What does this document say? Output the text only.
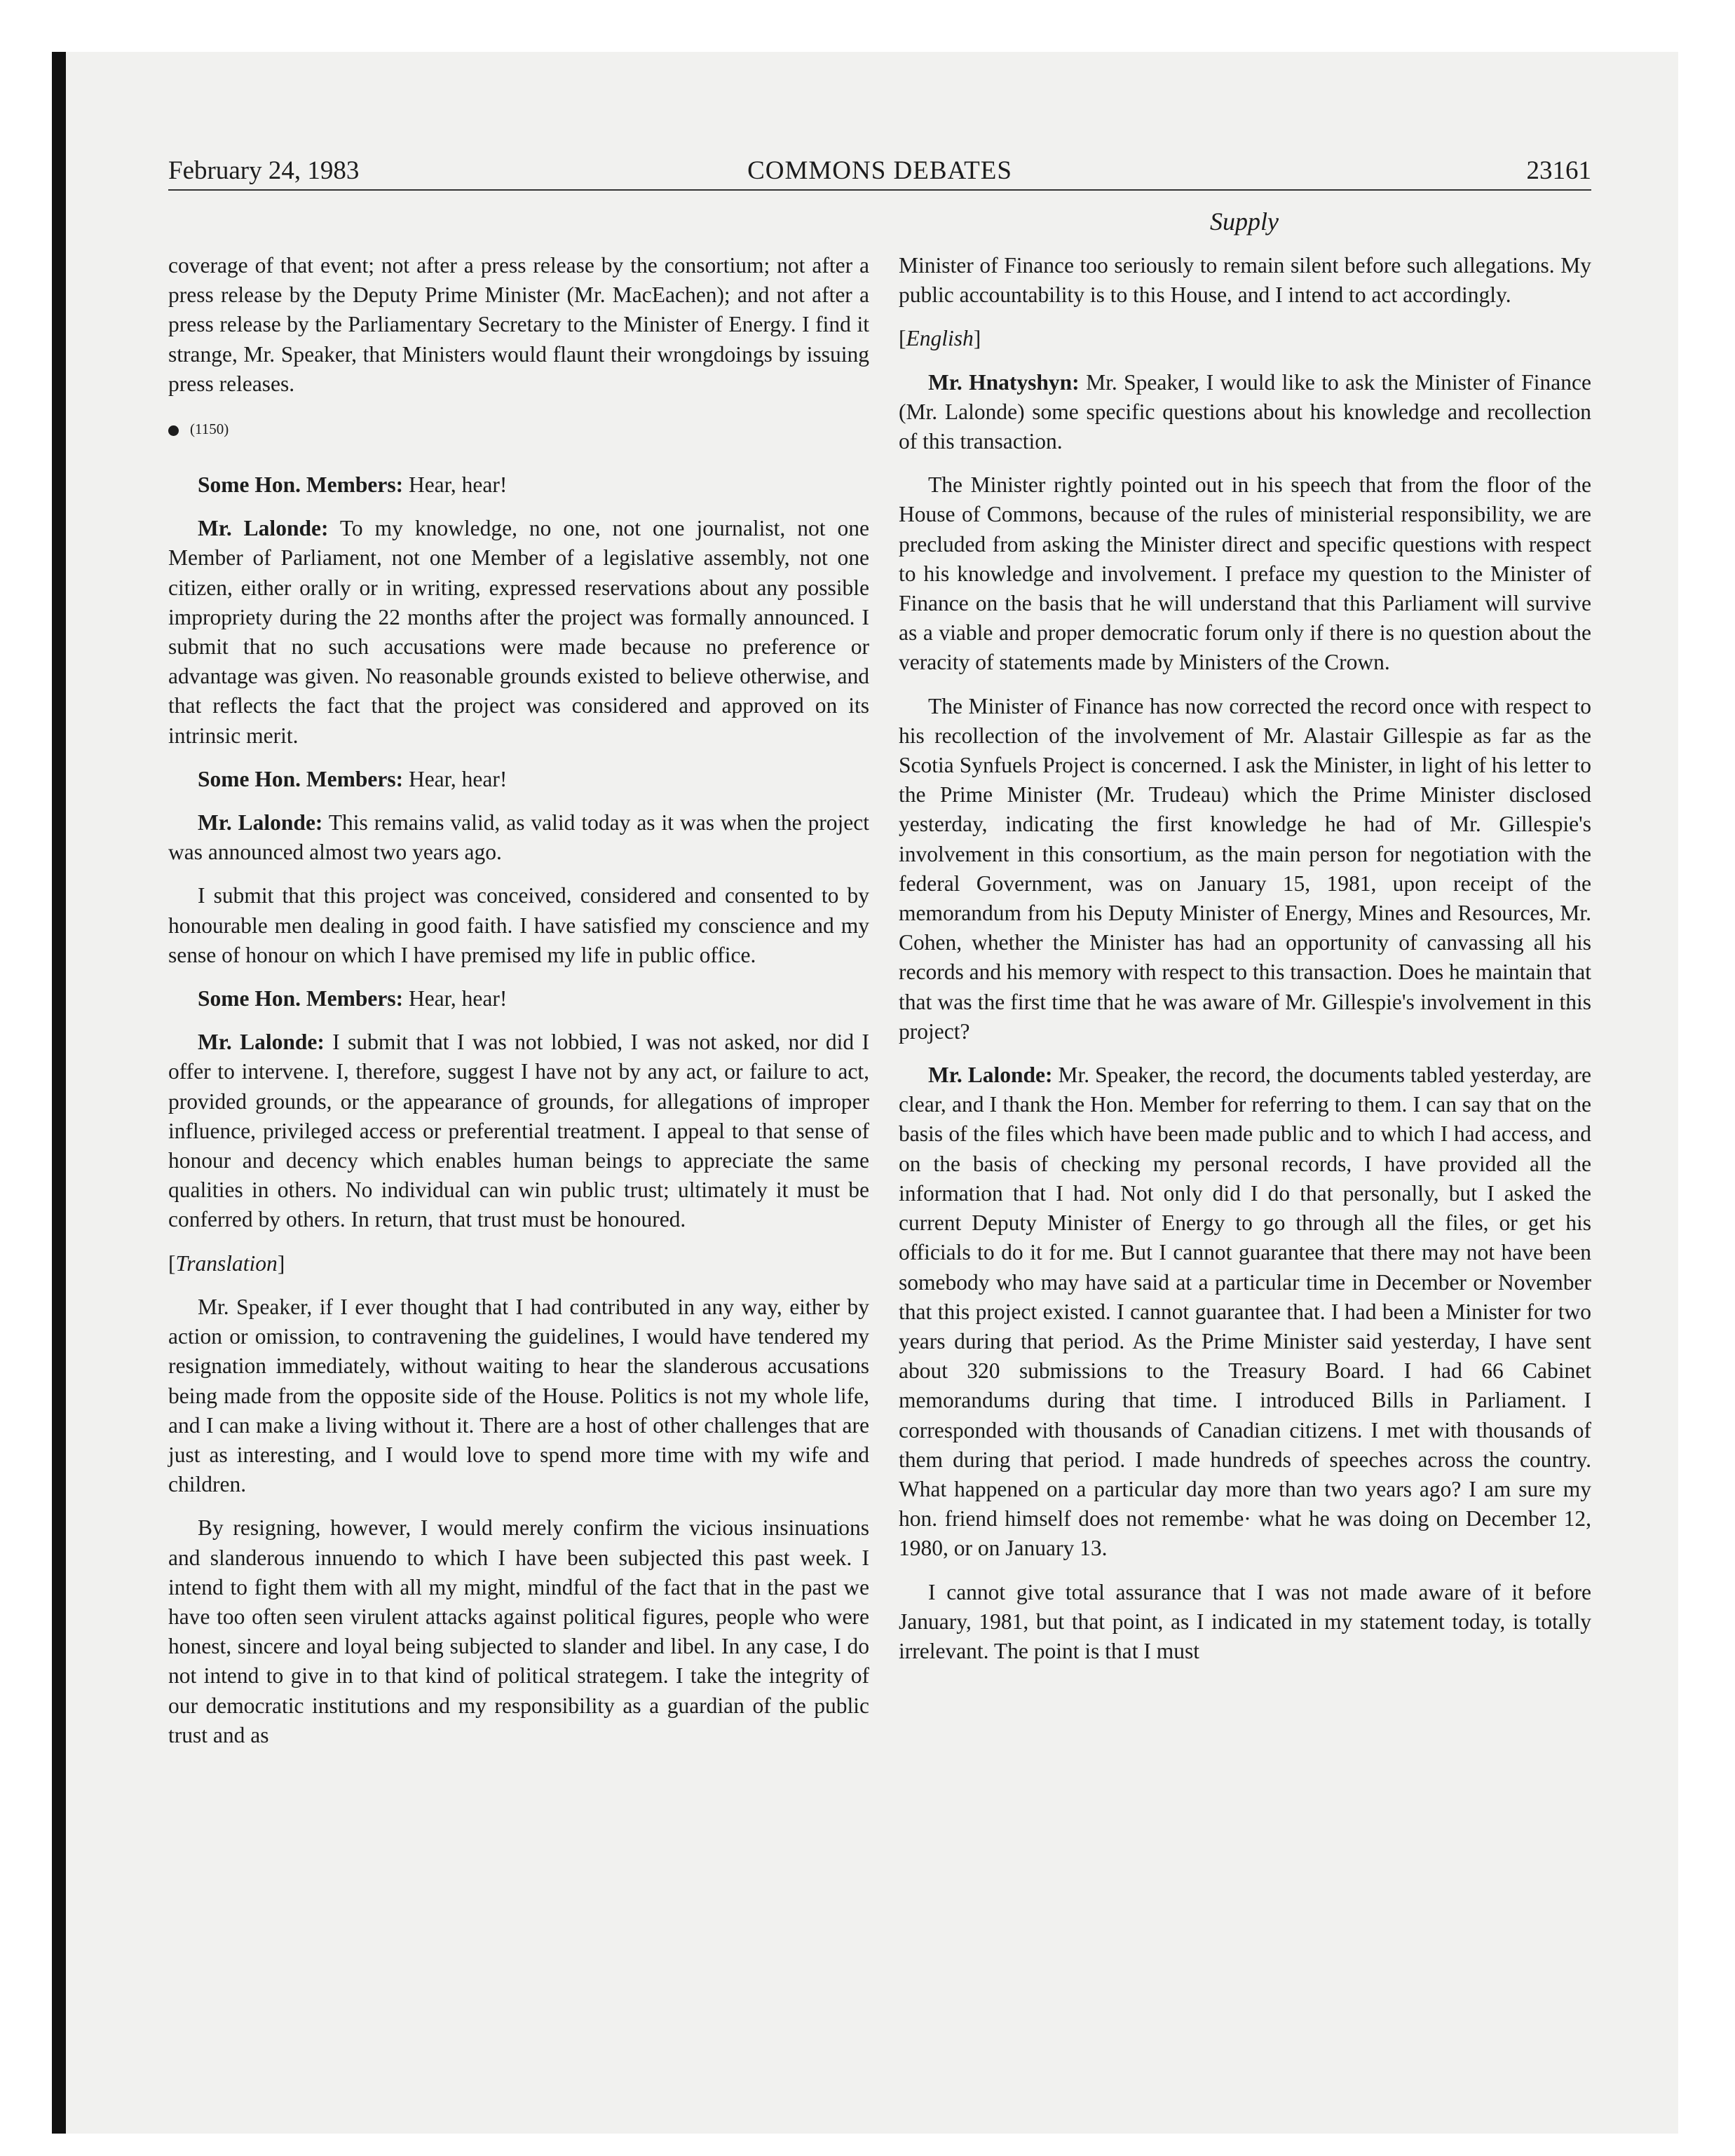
February 24, 1983	COMMONS DEBATES	23161
Supply

coverage of that event; not after a press release by the consortium; not after a press release by the Deputy Prime Minister (Mr. MacEachen); and not after a press release by the Parliamentary Secretary to the Minister of Energy. I find it strange, Mr. Speaker, that Ministers would flaunt their wrongdoings by issuing press releases.

(1150)

Some Hon. Members: Hear, hear!

Mr. Lalonde: To my knowledge, no one, not one journalist, not one Member of Parliament, not one Member of a legislative assembly, not one citizen, either orally or in writing, expressed reservations about any possible impropriety during the 22 months after the project was formally announced. I submit that no such accusations were made because no preference or advantage was given. No reasonable grounds existed to believe otherwise, and that reflects the fact that the project was considered and approved on its intrinsic merit.

Some Hon. Members: Hear, hear!

Mr. Lalonde: This remains valid, as valid today as it was when the project was announced almost two years ago.

I submit that this project was conceived, considered and consented to by honourable men dealing in good faith. I have satisfied my conscience and my sense of honour on which I have premised my life in public office.

Some Hon. Members: Hear, hear!

Mr. Lalonde: I submit that I was not lobbied, I was not asked, nor did I offer to intervene. I, therefore, suggest I have not by any act, or failure to act, provided grounds, or the appearance of grounds, for allegations of improper influence, privileged access or preferential treatment. I appeal to that sense of honour and decency which enables human beings to appreciate the same qualities in others. No individual can win public trust; ultimately it must be conferred by others. In return, that trust must be honoured.

[Translation]

Mr. Speaker, if I ever thought that I had contributed in any way, either by action or omission, to contravening the guidelines, I would have tendered my resignation immediately, without waiting to hear the slanderous accusations being made from the opposite side of the House. Politics is not my whole life, and I can make a living without it. There are a host of other challenges that are just as interesting, and I would love to spend more time with my wife and children.

By resigning, however, I would merely confirm the vicious insinuations and slanderous innuendo to which I have been subjected this past week. I intend to fight them with all my might, mindful of the fact that in the past we have too often seen virulent attacks against political figures, people who were honest, sincere and loyal being subjected to slander and libel. In any case, I do not intend to give in to that kind of political strategem. I take the integrity of our democratic institutions and my responsibility as a guardian of the public trust and as

Minister of Finance too seriously to remain silent before such allegations. My public accountability is to this House, and I intend to act accordingly.

[English]

Mr. Hnatyshyn: Mr. Speaker, I would like to ask the Minister of Finance (Mr. Lalonde) some specific questions about his knowledge and recollection of this transaction.

The Minister rightly pointed out in his speech that from the floor of the House of Commons, because of the rules of ministerial responsibility, we are precluded from asking the Minister direct and specific questions with respect to his knowledge and involvement. I preface my question to the Minister of Finance on the basis that he will understand that this Parliament will survive as a viable and proper democratic forum only if there is no question about the veracity of statements made by Ministers of the Crown.

The Minister of Finance has now corrected the record once with respect to his recollection of the involvement of Mr. Alastair Gillespie as far as the Scotia Synfuels Project is concerned. I ask the Minister, in light of his letter to the Prime Minister (Mr. Trudeau) which the Prime Minister disclosed yesterday, indicating the first knowledge he had of Mr. Gillespie's involvement in this consortium, as the main person for negotiation with the federal Government, was on January 15, 1981, upon receipt of the memorandum from his Deputy Minister of Energy, Mines and Resources, Mr. Cohen, whether the Minister has had an opportunity of canvassing all his records and his memory with respect to this transaction. Does he maintain that that was the first time that he was aware of Mr. Gillespie's involvement in this project?

Mr. Lalonde: Mr. Speaker, the record, the documents tabled yesterday, are clear, and I thank the Hon. Member for referring to them. I can say that on the basis of the files which have been made public and to which I had access, and on the basis of checking my personal records, I have provided all the information that I had. Not only did I do that personally, but I asked the current Deputy Minister of Energy to go through all the files, or get his officials to do it for me. But I cannot guarantee that there may not have been somebody who may have said at a particular time in December or November that this project existed. I cannot guarantee that. I had been a Minister for two years during that period. As the Prime Minister said yesterday, I have sent about 320 submissions to the Treasury Board. I had 66 Cabinet memorandums during that time. I introduced Bills in Parliament. I corresponded with thousands of Canadian citizens. I met with thousands of them during that period. I made hundreds of speeches across the country. What happened on a particular day more than two years ago? I am sure my hon. friend himself does not remembe· what he was doing on December 12, 1980, or on January 13.

I cannot give total assurance that I was not made aware of it before January, 1981, but that point, as I indicated in my statement today, is totally irrelevant. The point is that I must
